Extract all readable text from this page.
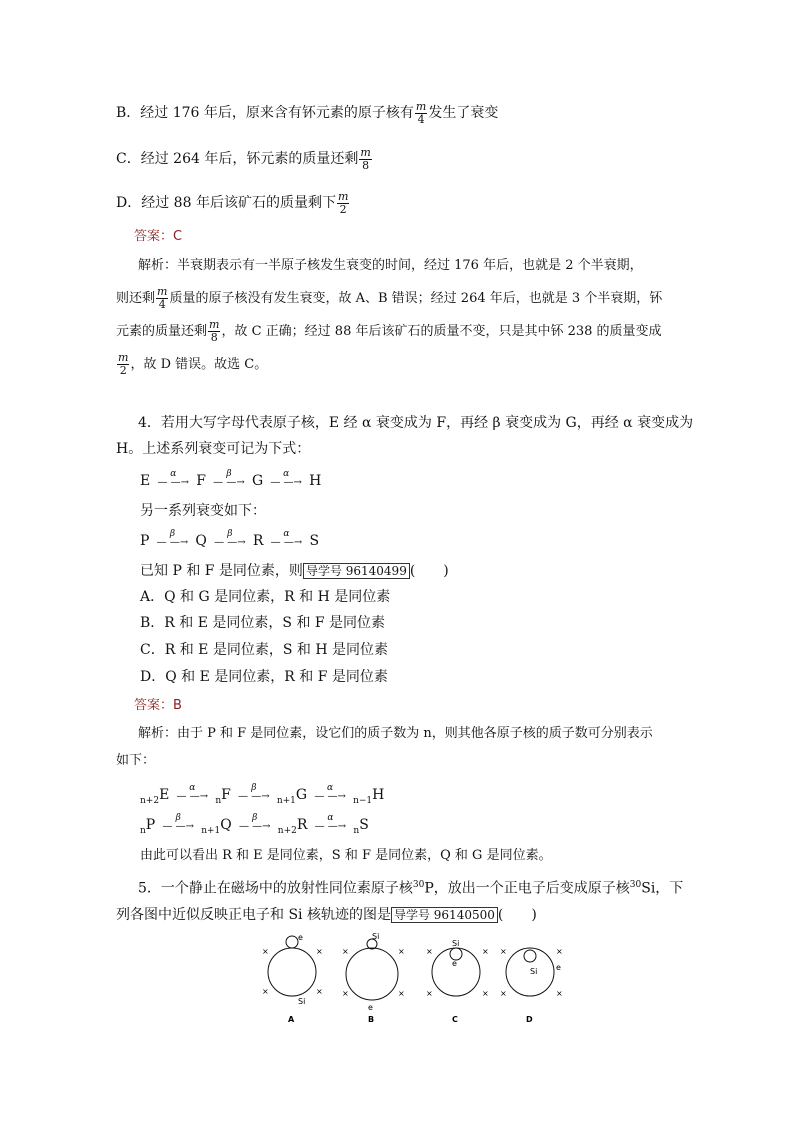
B．经过 176 年后，原来含有钚元素的原子核有 $\frac{m}{4}$ 发生了衰变
C．经过 264 年后，钚元素的质量还剩 $\frac{m}{8}$
D．经过 88 年后该矿石的质量剩下 $\frac{m}{2}$
答案：C
解析：半衰期表示有一半原子核发生衰变的时间，经过 176 年后，也就是 2 个半衰期，
则还剩 $\frac{m}{4}$ 质量的原子核没有发生衰变，故 A、B 错误；经过 264 年后，也就是 3 个半衰期，钚
元素的质量还剩 $\frac{m}{8}$ ，故 C 正确；经过 88 年后该矿石的质量不变，只是其中钚 238 的质量变成
$\frac{m}{2}$ ，故 D 错误。故选 C。
4．若用大写字母代表原子核，E 经 α 衰变成为 F，再经 β 衰变成为 G，再经 α 衰变成为
H。上述系列衰变可记为下式：
E	α
— —→ F	β
— —→ G	α
— —→ H
另一系列衰变如下：
P	β
— —→ Q	β
— —→ R	α
— —→ S
已知 P 和 F 是同位素，则 导学号 96140499 (　　)
A．Q 和 G 是同位素，R 和 H 是同位素
B．R 和 E 是同位素，S 和 F 是同位素
C．R 和 E 是同位素，S 和 H 是同位素
D．Q 和 E 是同位素，R 和 F 是同位素
答案：B
解析：由于 P 和 F 是同位素，设它们的质子数为 n，则其他各原子核的质子数可分别表示
如下：
$_{n+2}$E	α
— —→ $_n$F	β
— —→ $_{n+1}$G	α
— —→ $_{n-1}$H
$_n$P	β
— —→ $_{n+1}$Q	β
— —→ $_{n+2}$R	α
— —→ $_n$S
由此可以看出 R 和 E 是同位素，S 和 F 是同位素，Q 和 G 是同位素。
5．一个静止在磁场中的放射性同位素原子核$^{30}$P，放出一个正电子后变成原子核$^{30}$Si，下
列各图中近似反映正电子和 Si 核轨迹的图是 导学号 96140500 (　　)
e
Si
×	×
×	×
A
Si
e
×	×
×	×
B
Si
e
×	×
×	×
C
Si e
×	×
×	×
D
